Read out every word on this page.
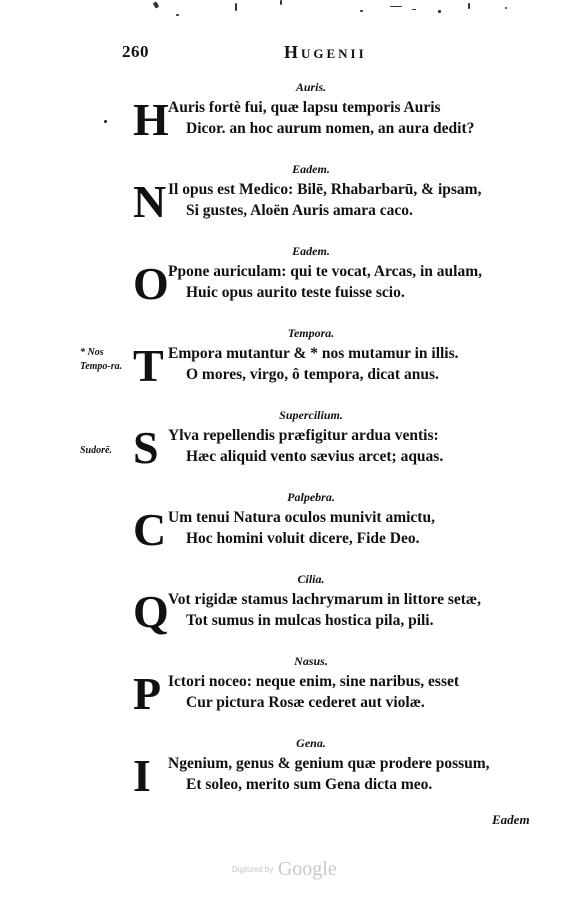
260	Hugenii
Auris.
H Auris fortè fui, quæ lapsu temporis Auris
Dicor. an hoc aurum nomen, an aura dedit?
Eadem.
N Il opus est Medico: Bilē, Rhabarbarū, & ipsam,
Si gustes, Aloën Auris amara caco.
Eadem.
O Ppone auriculam: qui te vocat, Arcas, in aulam,
Huic opus aurito teste fuisse scio.
Tempora.
* Nos Tempo-ra. T Empora mutantur & * nos mutamur in illis.
O mores, virgo, ô tempora, dicat anus.
Supercilium.
Sudorē. S Ylva repellendis præfigitur ardua ventis:
Hæc aliquid vento sævius arcet; aquas.
Palpebra.
C Um tenui Natura oculos munivit amictu,
Hoc homini voluit dicere, Fide Deo.
Cilia.
Q Vot rigidæ stamus lachrymarum in littore setæ,
Tot sumus in mulcas hostica pila, pili.
Nasus.
P Ictori noceo: neque enim, sine naribus, esset
Cur pictura Rosæ cederet aut violæ.
Gena.
I Ngenium, genus & genium quæ prodere possum,
Et soleo, merito sum Gena dicta meo.
Eadem
Digitized by Google
